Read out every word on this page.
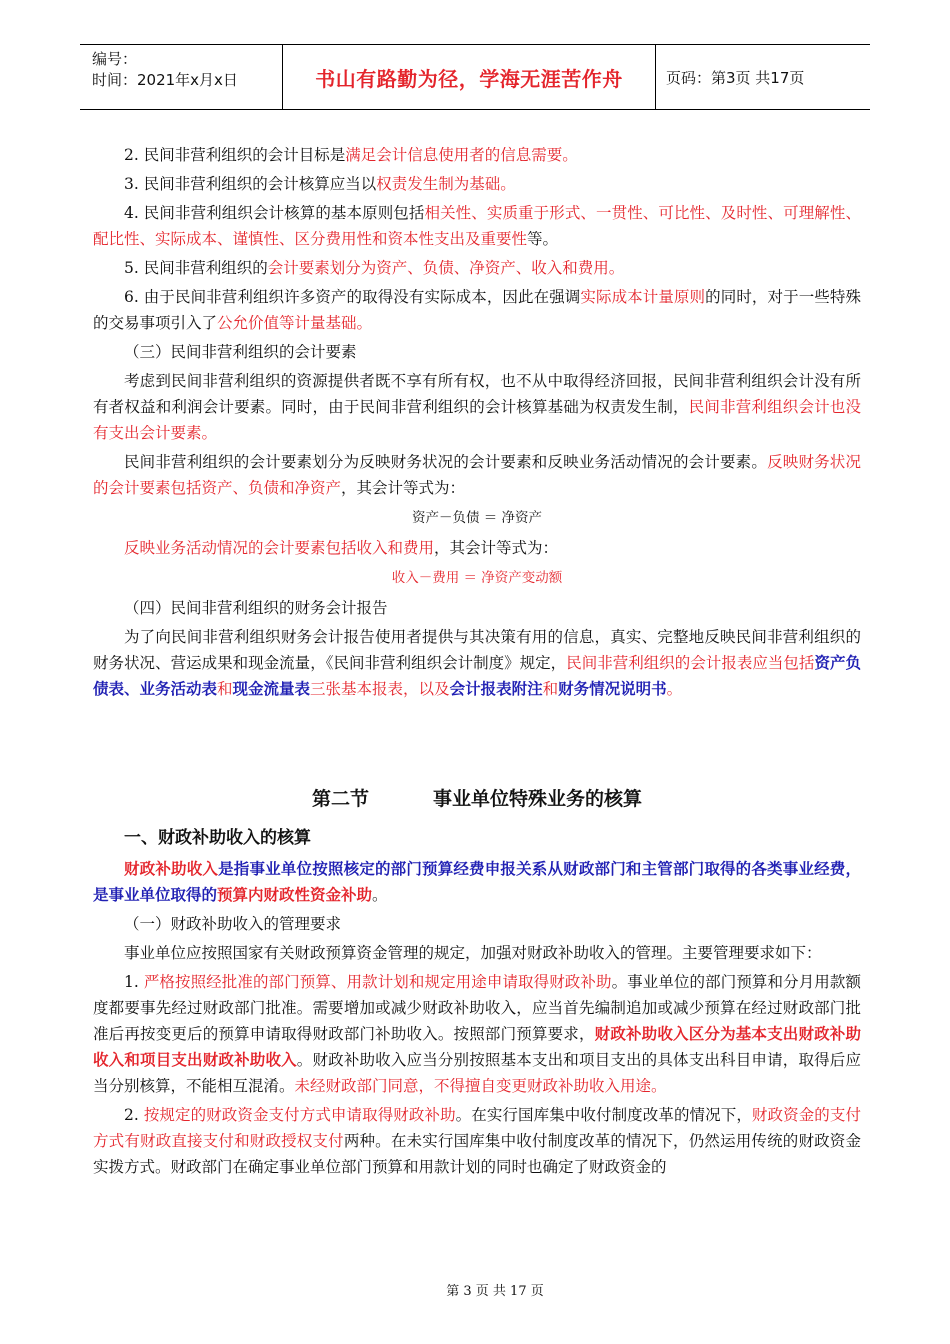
编号：
时间：2021年x月x日	书山有路勤为径，学海无涯苦作舟	页码：第3页 共17页

2. 民间非营利组织的会计目标是满足会计信息使用者的信息需要。

3. 民间非营利组织的会计核算应当以权责发生制为基础。

4. 民间非营利组织会计核算的基本原则包括相关性、实质重于形式、一贯性、可比性、及时性、可理解性、配比性、实际成本、谨慎性、区分费用性和资本性支出及重要性等。

5. 民间非营利组织的会计要素划分为资产、负债、净资产、收入和费用。

6. 由于民间非营利组织许多资产的取得没有实际成本，因此在强调实际成本计量原则的同时，对于一些特殊的交易事项引入了公允价值等计量基础。

（三）民间非营利组织的会计要素

考虑到民间非营利组织的资源提供者既不享有所有权，也不从中取得经济回报，民间非营利组织会计没有所有者权益和利润会计要素。同时，由于民间非营利组织的会计核算基础为权责发生制，民间非营利组织会计也没有支出会计要素。

民间非营利组织的会计要素划分为反映财务状况的会计要素和反映业务活动情况的会计要素。反映财务状况的会计要素包括资产、负债和净资产，其会计等式为：

资产－负债 ＝ 净资产

反映业务活动情况的会计要素包括收入和费用，其会计等式为：

收入－费用 ＝ 净资产变动额

（四）民间非营利组织的财务会计报告

为了向民间非营利组织财务会计报告使用者提供与其决策有用的信息，真实、完整地反映民间非营利组织的财务状况、营运成果和现金流量，《民间非营利组织会计制度》规定，民间非营利组织的会计报表应当包括资产负债表、业务活动表和现金流量表三张基本报表，以及会计报表附注和财务情况说明书。

第二节	事业单位特殊业务的核算
一、财政补助收入的核算

财政补助收入是指事业单位按照核定的部门预算经费申报关系从财政部门和主管部门取得的各类事业经费，是事业单位取得的预算内财政性资金补助。

（一）财政补助收入的管理要求

事业单位应按照国家有关财政预算资金管理的规定，加强对财政补助收入的管理。主要管理要求如下：

1. 严格按照经批准的部门预算、用款计划和规定用途申请取得财政补助。事业单位的部门预算和分月用款额度都要事先经过财政部门批准。需要增加或减少财政补助收入，应当首先编制追加或减少预算在经过财政部门批准后再按变更后的预算申请取得财政部门补助收入。按照部门预算要求，财政补助收入区分为基本支出财政补助收入和项目支出财政补助收入。财政补助收入应当分别按照基本支出和项目支出的具体支出科目申请，取得后应当分别核算，不能相互混淆。未经财政部门同意，不得擅自变更财政补助收入用途。

2. 按规定的财政资金支付方式申请取得财政补助。在实行国库集中收付制度改革的情况下，财政资金的支付方式有财政直接支付和财政授权支付两种。在未实行国库集中收付制度改革的情况下，仍然运用传统的财政资金实拨方式。财政部门在确定事业单位部门预算和用款计划的同时也确定了财政资金的

第 3 页 共 17 页
